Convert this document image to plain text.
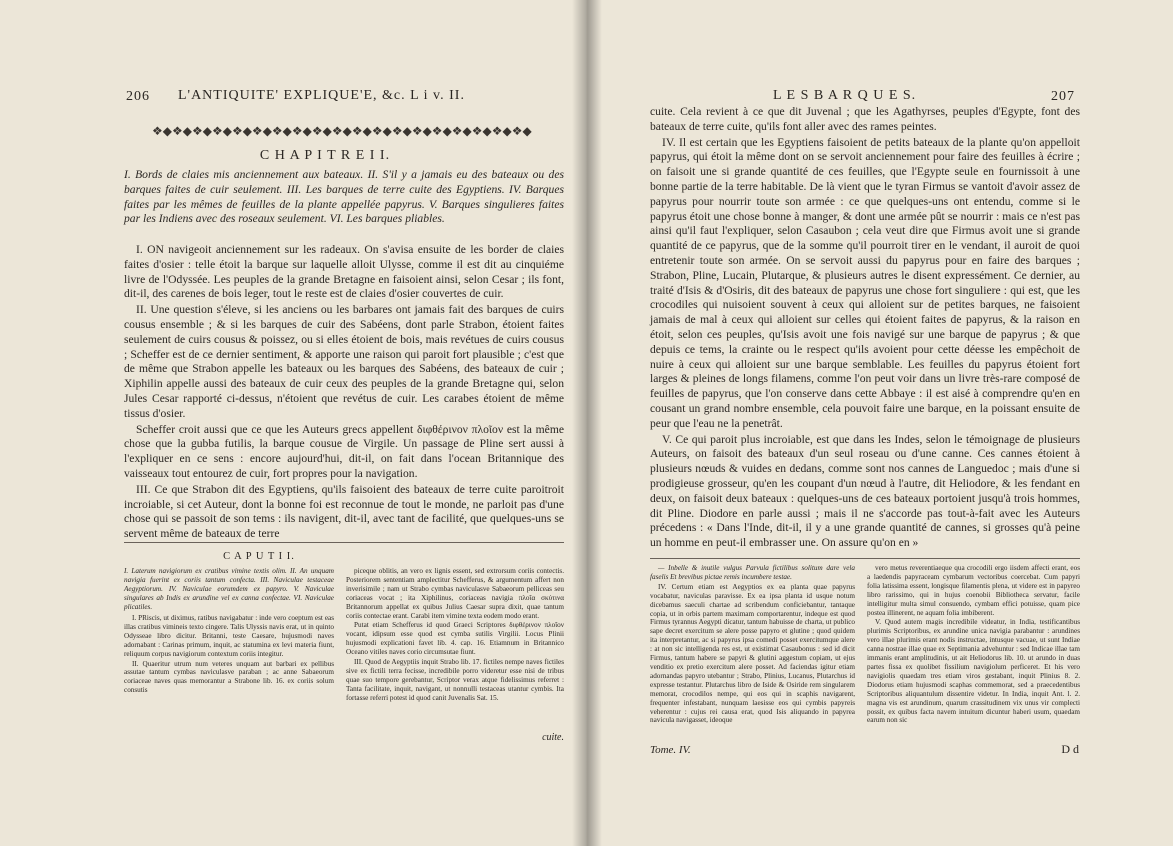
206	L'ANTIQUITE' EXPLIQUE'E, &c. L i v. II.
❖◆❖◆❖◆❖◆❖◆❖◆❖◆❖◆❖◆❖◆❖◆❖◆❖◆❖◆❖◆❖◆❖◆❖◆❖◆
C H A P I T R E I I.
I. Bords de claies mis anciennement aux bateaux. II. S'il y a jamais eu des bateaux ou des barques faites de cuir seulement. III. Les barques de terre cuite des Egyptiens. IV. Barques faites par les mêmes de feuilles de la plante appellée papyrus. V. Barques singulieres faites par les Indiens avec des roseaux seulement. VI. Les barques pliables.

I. ON navigeoit anciennement sur les radeaux. On s'avisa ensuite de les border de claies faites d'osier : telle étoit la barque sur laquelle alloit Ulysse, comme il est dit au cinquiéme livre de l'Odyssée. Les peuples de la grande Bretagne en faisoient ainsi, selon Cesar ; ils font, dit-il, des carenes de bois leger, tout le reste est de claies d'osier couvertes de cuir.

II. Une question s'éleve, si les anciens ou les barbares ont jamais fait des barques de cuirs cousus ensemble ; & si les barques de cuir des Sabéens, dont parle Strabon, étoient faites seulement de cuirs cousus & poissez, ou si elles étoient de bois, mais revétues de cuirs cousus ; Scheffer est de ce dernier sentiment, & apporte une raison qui paroit fort plausible ; c'est que de même que Strabon appelle les bateaux ou les barques des Sabéens, des bateaux de cuir ; Xiphilin appelle aussi des bateaux de cuir ceux des peuples de la grande Bretagne qui, selon Jules Cesar rapporté ci-dessus, n'étoient que revétus de cuir. Les carabes étoient de même tissus d'osier.

Scheffer croit aussi que ce que les Auteurs grecs appellent διφθέρινον πλοῖον est la même chose que la gubba futilis, la barque cousue de Virgile. Un passage de Pline sert aussi à l'expliquer en ce sens : encore aujourd'hui, dit-il, on fait dans l'ocean Britannique des vaisseaux tout entourez de cuir, fort propres pour la navigation.

III. Ce que Strabon dit des Egyptiens, qu'ils faisoient des bateaux de terre cuite paroitroit incroiable, si cet Auteur, dont la bonne foi est reconnue de tout le monde, ne parloit pas d'une chose qui se passoit de son tems : ils navigent, dit-il, avec tant de facilité, que quelques-uns se servent même de bateaux de terre

C A P U T I I.
I. Laterum navigiorum ex cratibus vimine textis olim. II. An unquam navigia fuerint ex coriis tantum confecta. III. Naviculae testaceae Aegyptiorum. IV. Naviculae eorumdem ex papyro. V. Naviculae singulares ab Indis ex arundine vel ex canna confectae. VI. Naviculae plicatiles.

I. PRiscis, ut diximus, ratibus navigabatur : inde vero coeptum est eas illas cratibus vimineis texto cingere. Talis Ulyssis navis erat, ut in quinto Odysseae libro dicitur. Britanni, teste Caesare, hujusmodi naves adornabant : Carinas primum, inquit, ac statumina ex levi materia fiunt, reliquum corpus navigiorum contextum coriis integitur.

II. Quaeritur utrum num veteres unquam aut barbari ex pellibus assutae tantum cymbas naviculasve paraban ; ac anne Sabaeorum coriaceae naves quas memorantur a Strabone lib. 16. ex coriis solum consutis

piceque oblitis, an vero ex lignis essent, sed extrorsum coriis contectis. Posteriorem sententiam amplectitur Schefferus, & argumentum affert non inverisimile ; nam ut Strabo cymbas naviculasve Sabaeorum pelliceas seu coriaceas vocat ; ita Xiphilinus, coriaceas navigia πλοῖα σκύτινα Britannorum appellat ex quibus Julius Caesar supra dixit, quae tantum coriis contectae erant. Carabi item vimine texta eodem modo erant.

Putat etiam Schefferus id quod Graeci Scriptores διφθέρινον πλοῖον vocant, idipsum esse quod est cymba sutilis Virgilii. Locus Plinii hujusmodi explicationi favet lib. 4. cap. 16. Etiamnum in Britannico Oceano vitiles naves corio circumsutae fiunt.

III. Quod de Aegyptiis inquit Strabo lib. 17. fictiles nempe naves fictiles sive ex fictili terra fecisse, incredibile porro videretur esse nisi de tribus quae suo tempore gerebantur, Scriptor verax atque fidelissimus referret : Tanta facilitate, inquit, navigant, ut nonnulli testaceas utantur cymbis. Ita fortasse referri potest id quod canit Juvenalis Sat. 15.

cuite.
L E S B A R Q U E S.	207

cuite. Cela revient à ce que dit Juvenal ; que les Agathyrses, peuples d'Egypte, font des bateaux de terre cuite, qu'ils font aller avec des rames peintes.

IV. Il est certain que les Egyptiens faisoient de petits bateaux de la plante qu'on appelloit papyrus, qui étoit la même dont on se servoit anciennement pour faire des feuilles à écrire ; on faisoit une si grande quantité de ces feuilles, que l'Egypte seule en fournissoit à une bonne partie de la terre habitable. De là vient que le tyran Firmus se vantoit d'avoir assez de papyrus pour nourrir toute son armée : ce que quelques-uns ont entendu, comme si le papyrus étoit une chose bonne à manger, & dont une armée pût se nourrir : mais ce n'est pas ainsi qu'il faut l'expliquer, selon Casaubon ; cela veut dire que Firmus avoit une si grande quantité de ce papyrus, que de la somme qu'il pourroit tirer en le vendant, il auroit de quoi entretenir toute son armée. On se servoit aussi du papyrus pour en faire des barques ; Strabon, Pline, Lucain, Plutarque, & plusieurs autres le disent expressément. Ce dernier, au traité d'Isis & d'Osiris, dit des bateaux de papyrus une chose fort singuliere : qui est, que les crocodiles qui nuisoient souvent à ceux qui alloient sur de petites barques, ne faisoient jamais de mal à ceux qui alloient sur celles qui étoient faites de papyrus, & la raison en étoit, selon ces peuples, qu'Isis avoit une fois navigé sur une barque de papyrus ; & que depuis ce tems, la crainte ou le respect qu'ils avoient pour cette déesse les empêchoit de nuire à ceux qui alloient sur une barque semblable. Les feuilles du papyrus étoient fort larges & pleines de longs filamens, comme l'on peut voir dans un livre très-rare composé de feuilles de papyrus, que l'on conserve dans cette Abbaye : il est aisé à comprendre qu'en en cousant un grand nombre ensemble, cela pouvoit faire une barque, en la poissant ensuite de peur que l'eau ne la penetrât.

V. Ce qui paroit plus incroiable, est que dans les Indes, selon le témoignage de plusieurs Auteurs, on faisoit des bateaux d'un seul roseau ou d'une canne. Ces cannes étoient à plusieurs nœuds & vuides en dedans, comme sont nos cannes de Languedoc ; mais d'une si prodigieuse grosseur, qu'en les coupant d'un nœud à l'autre, dit Heliodore, & les fendant en deux, on faisoit deux bateaux : quelques-uns de ces bateaux portoient jusqu'à trois hommes, dit Pline. Diodore en parle aussi ; mais il ne s'accorde pas tout-à-fait avec les Auteurs précedens : « Dans l'Inde, dit-il, il y a une grande quantité de cannes, si grosses qu'à peine un homme en peut-il embrasser une. On assure qu'on en »

— Inbelle & inutile vulgus Parvula fictilibus solitum dare vela faselis Et brevibus pictae remis incumbere testae.

IV. Certum etiam est Aegyptios ex ea planta quae papyrus vocabatur, naviculas paravisse. Ex ea ipsa planta id usque notum dicebamus saeculi chartae ad scribendum conficiebantur, tantaque copia, ut in orbis partem maximam comportarentur, indeque est quod Firmus tyrannus Aegypti dicatur, tantum habuisse de charta, ut publico sape decret exercitum se alere posse papyro et glutine ; quod quidem ita interpretantur, ac si papyrus ipsa comedi posset exercitumque alere : at non sic intelligenda res est, ut existimat Casaubonus : sed id dicit Firmus, tantum habere se papyri & glutini aggestum copiam, ut ejus venditio ex pretio exercitum alere posset. Ad faciendas igitur etiam adornandas papyro utebantur ; Strabo, Plinius, Lucanus, Plutarchus id expresse testantur. Plutarchus libro de Iside & Osiride rem singularem memorat, crocodilos nempe, qui eos qui in scaphis navigarent, frequenter infestabant, nunquam laesisse eos qui cymbis papyreis veherentur : cujus rei causa erat, quod Isis aliquando in papyrea navicula navigasset, ideoque

vero metus reverentiaeque qua crocodili ergo iisdem affecti erant, eos a laedendis papyraceam cymbarum vectoribus coercebat. Cum papyri folia latissima essent, longisque filamentis plena, ut videre est in papyreo libro rarissimo, qui in hujus coenobii Bibliotheca servatur, facile intelligitur multa simul consuendo, cymbam effici potuisse, quam pice postea illinerent, ne aquam folia imbiberent.

V. Quod autem magis incredibile videatur, in India, testificantibus plurimis Scriptoribus, ex arundine unica navigia parabantur : arundines vero illae plurimis erant nodis instructae, intusque vacuae, ut sunt Indiae canna nostrae illae quae ex Septimania advehuntur : sed Indicae illae tam immanis erant amplitudinis, ut ait Heliodorus lib. 10. ut arundo in duas partes fissa ex quolibet fissilium navigiolum perficeret. Et his vero navigiolis quaedam tres etiam viros gestabant, inquit Plinius 8. 2. Diodorus etiam hujusmodi scaphas commemorat, sed a praecedentibus Scriptoribus aliquantulum dissentire videtur. In India, inquit Ant. l. 2. magna vis est arundinum, quarum crassitudinem vix unus vir complecti possit, ex quibus facta navem intuitum dicuntur haberi usum, quaedam earum non sic

Tome. IV.	D d
